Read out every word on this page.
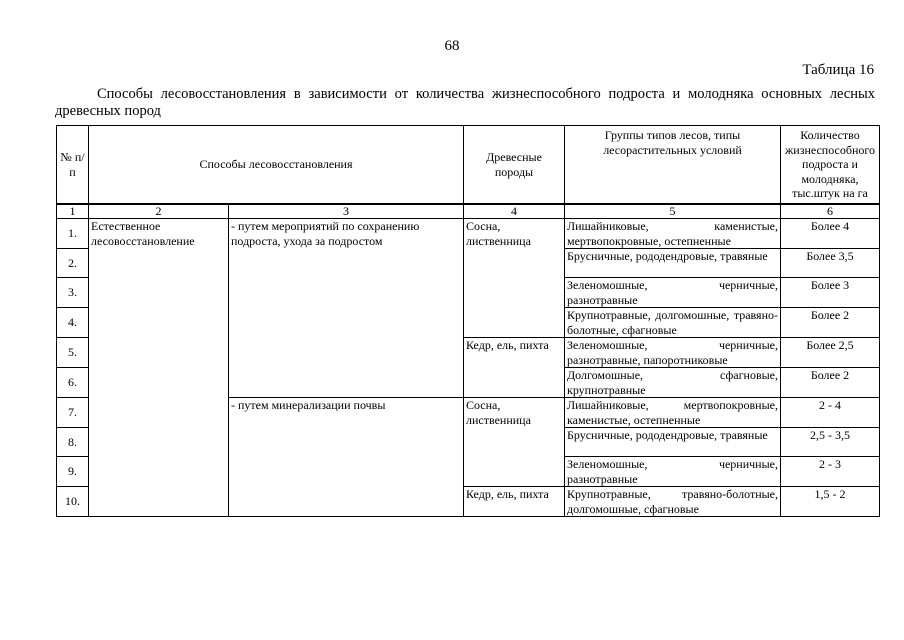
68
Таблица 16
Способы лесовосстановления в зависимости от количества жизнеспособного подроста и молодняка основных лесных древесных пород
№ п/п	Способы лесовосстановления		Древесные породы	Группы типов лесов, типы лесорастительных условий	Количество жизнеспособного подроста и молодняка, тыс.штук на га
1	2	3	4	5	6
1.	Естественное лесовосстановление	- путем мероприятий по сохранению подроста, ухода за подростом	Сосна, лиственница	Лишайниковые, каменистые, мертвопокровные, остепненные	Более 4
2.				Брусничные, рододендровые, травяные	Более 3,5
3.				Зеленомошные, черничные, разнотравные	Более 3
4.				Крупнотравные, долгомошные, травяно-болотные, сфагновые	Более 2
5.			Кедр, ель, пихта	Зеленомошные, черничные, разнотравные, папоротниковые	Более 2,5
6.				Долгомошные, сфагновые, крупнотравные	Более 2
7.		- путем минерализации почвы	Сосна, лиственница	Лишайниковые, мертвопокровные, каменистые, остепненные	2 - 4
8.				Брусничные, рододендровые, травяные	2,5 - 3,5
9.				Зеленомошные, черничные, разнотравные	2 - 3
10.			Кедр, ель, пихта	Крупнотравные, травяно-болотные, долгомошные, сфагновые	1,5 - 2
